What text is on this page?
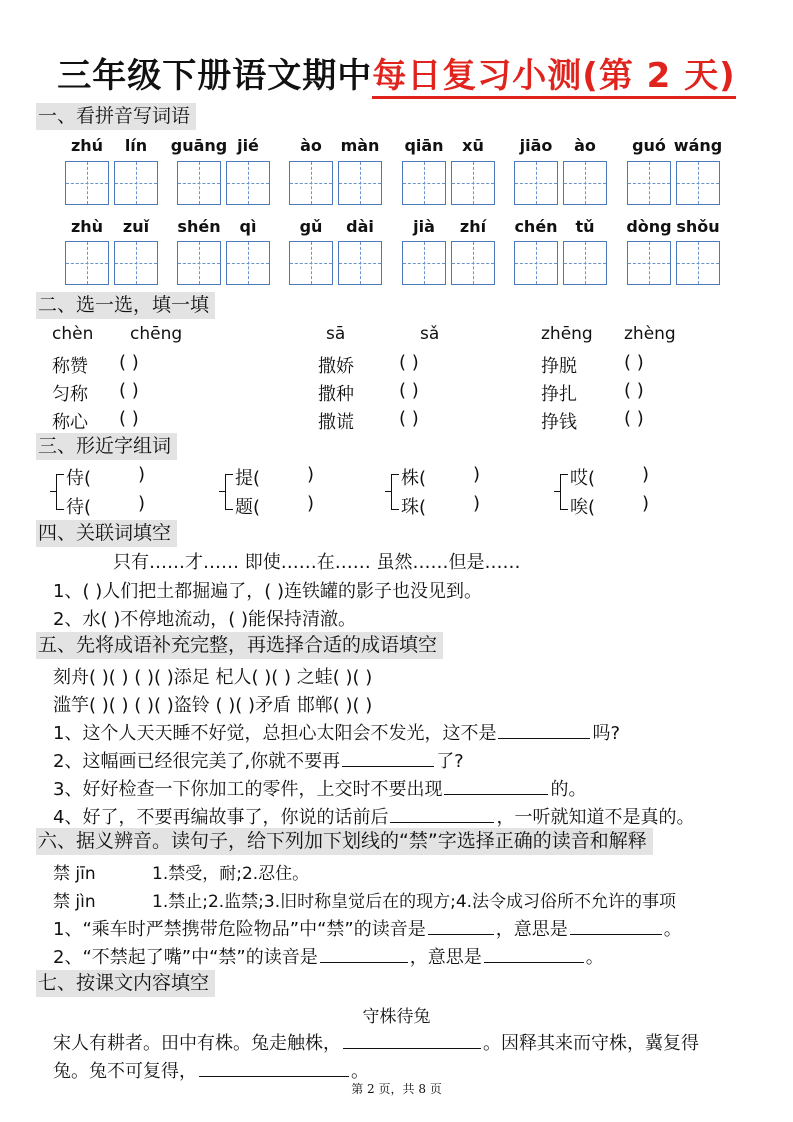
三年级下册语文期中每日复习小测(第 2 天)
一、看拼音写词语
zhú	lín	guāng jié	ào	màn	qiān	xū	jiāo	ào	guó wáng
zhù	zuǐ	shén	qì	gǔ	dài	jià	zhí	chén	tǔ	dòng shǒu
二、选一选，填一填
chèn chēng	sā	sǎ	zhēng zhèng
称赞 ( )	撒娇	( )	挣脱	( )
匀称 ( )	撒种	( )	挣扎	( )
称心 ( )	撒谎	( )	挣钱	( )
三、形近字组词
侍(	)
待(	)
提(	)
题(	)
株(	)
珠(	)
哎(	)
唉(	)
四、关联词填空
只有……才…… 即使……在…… 虽然……但是……
1、( )人们把土都掘遍了，( )连铁罐的影子也没见到。
2、水( )不停地流动，( )能保持清澈。
五、先将成语补充完整，再选择合适的成语填空
刻舟( )( ) ( )( )添足 杞人( )( ) 之蛙( )( )
滥竽( )( ) ( )( )盗铃 ( )( )矛盾 邯郸( )( )
1、这个人天天睡不好觉，总担心太阳会不发光，这不是	吗?
2、这幅画已经很完美了,你就不要再	了?
3、好好检查一下你加工的零件，上交时不要出现	的。
4、好了，不要再编故事了，你说的话前后	，一听就知道不是真的。
六、据义辨音。读句子，给下列加下划线的“禁”字选择正确的读音和解释
禁 jīn	1.禁受，耐;2.忍住。
禁 jìn	1.禁止;2.监禁;3.旧时称皇觉后在的现方;4.法令成习俗所不允许的事项
1、“乘车时严禁携带危险物品”中“禁”的读音是	，意思是	。
2、“不禁起了嘴”中“禁”的读音是	，意思是	。
七、按课文内容填空
守株待兔
宋人有耕者。田中有株。兔走触株，	。因释其来而守株，冀复得
兔。兔不可复得，	。
第 2 页，共 8 页
